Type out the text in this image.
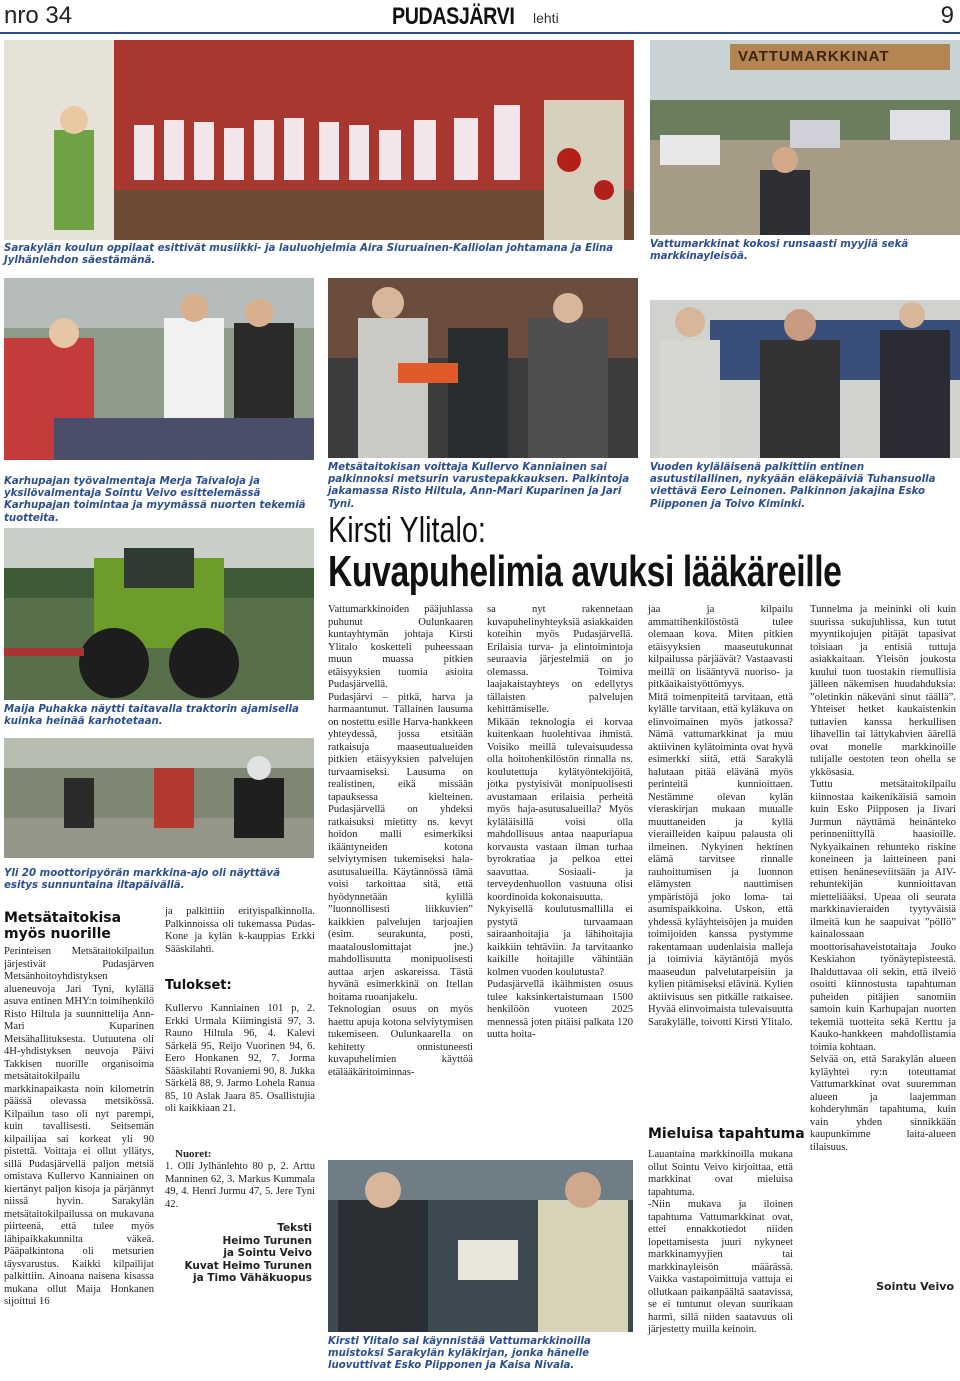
nro 34	PUDASJÄRVI lehti	9
Sarakylän koulun oppilaat esittivät musiikki- ja lauluohjelmia Aira Siuruainen-Kalliolan johtamana ja Elina Jylhänlehdon säestämänä.
VATTUMARKKINAT
Vattumarkkinat kokosi runsaasti myyjiä sekä markkinayleisöä.
Karhupajan työvalmentaja Merja Taivaloja ja yksilövalmentaja Sointu Veivo esittelemässä Karhupajan toimintaa ja myymässä nuorten tekemiä tuotteita.
Metsätaitokisan voittaja Kullervo Kanniainen sai palkinnoksi metsurin varustepakkauksen. Palkintoja jakamassa Risto Hiltula, Ann-Mari Kuparinen ja Jari Tyni.
Vuoden kyläläisenä palkittiin entinen asutustilallinen, nykyään eläkepäiviä Tuhansuolla viettävä Eero Leinonen. Palkinnon jakajina Esko Piipponen ja Toivo Kiminki.
Kirsti Ylitalo:
Kuvapuhelimia avuksi lääkäreille
Maija Puhakka näytti taitavalla traktorin ajamisella kuinka heinää karhotetaan.
Yli 20 moottoripyörän markkina-ajo oli näyttävä esitys sunnuntaina iltapäivällä.
Metsätaitokisa myös nuorille
Perinteisen Metsätaitokilpailun järjestivät Pudasjärven Metsänhoitoyhdistyksen alueneuvoja Jari Tyni, kylällä asuva entinen MHY:n toimihenkilö Risto Hiltula ja suunnittelija Ann-Mari Kuparinen Metsähallituksesta. Uutuutena oli 4H-yhdistyksen neuvoja Päivi Takkisen nuorille organisoima metsätaitokilpailu markkinapaikasta noin kilometrin päässä olevassa metsikössä. Kilpailun taso oli nyt parempi, kuin tavallisesti. Seitsemän kilpailijaa sai korkeat yli 90 pistettä. Voittaja ei ollut yllätys, sillä Pudasjärvellä paljon metsiä omistava Kullervo Kanniainen on kiertänyt paljon kisoja ja pärjännyt niissä hyvin. Sarakylän metsätaitokilpailussa on mukavana piirteenä, että tulee myös lähipaikkakunnilta väkeä. Pääpalkintona oli metsurien täysvarustus. Kaikki kilpailijat palkittiin. Ainoana naisena kisassa mukana ollut Maija Honkanen sijoittui 16
ja palkittiin erityispalkinnolla. Palkinnoissa oli tukemassa Pudas-Kone ja kylän k-kauppias Erkki Sääskilahti.
Tulokset:
Kullervo Kanniainen 101 p, 2. Erkki Urmala Kiimingistä 97, 3. Rauno Hiltula 96, 4. Kalevi Särkelä 95, Reijo Vuorinen 94, 6. Eero Honkanen 92, 7. Jorma Sääskilahti Rovaniemi 90, 8. Jukka Särkelä 88, 9. Jarmo Lohela Ranua 85, 10 Aslak Jaara 85. Osallistujia oli kaikkiaan 21.
Nuoret:
1. Olli Jylhänlehto 80 p, 2. Arttu Manninen 62, 3. Markus Kummala 49, 4. Henri Jurmu 47, 5. Jere Tyni 42.
Teksti
Heimo Turunen
ja Sointu Veivo
Kuvat Heimo Turunen
ja Timo Vähäkuopus
Vattumarkkinoiden pääjuhlassa puhunut Oulunkaaren kuntayhtymän johtaja Kirsti Ylitalo kosketteli puheessaan muun muassa pitkien etäisyyksien tuomia asioita Pudasjärvellä.
Pudasjärvi – pitkä, harva ja harmaantunut. Tällainen lausuma on nostettu esille Harva-hankkeen yhteydessä, jossa etsitään ratkaisuja maaseutualueiden pitkien etäisyyksien palvelujen turvaamiseksi. Lausuma on realistinen, eikä missään tapauksessa kielteinen. Pudasjärvellä on yhdeksi ratkaisuksi mietitty ns. kevyt hoidon malli esimerkiksi ikääntyneiden kotona selviytymisen tukemiseksi hala-asutusalueilla. Käytännössä tämä voisi tarkoittaa sitä, että hyödynnetään kylillä ”luonnollisesti liikkuvien” kaikkien palvelujen tarjoajien (esim. seurakunta, posti, maatalouslomittajat jne.) mahdollisuutta monipuolisesti auttaa arjen askareissa. Tästä hyvänä esimerkkinä on Itellan hoitama ruoanjakelu.
Teknologian osuus on myös haettu apuja kotona selviytymisen tukemiseen. Oulunkaarella on kehitetty onnistuneesti kuvapuhelimien käyttöä etälääkäritoiminnas-
sa nyt rakennetaan kuvapuhelinyhteyksiä asiakkaiden koteihin myös Pudasjärvellä. Erilaisia turva- ja elintoimintoja seuraavia järjestelmiä on jo olemassa. Toimiva laajakaistayhteys on edellytys tällaisten palvelujen kehittämiselle.
Mikään teknologia ei korvaa kuitenkaan huolehtivaa ihmistä. Voisiko meillä tulevaisuudessa olla hoitohenkilöstön rinnalla ns. koulutettuja kylätyöntekijöitä, jotka pystyisivät monipuolisesti avustamaan erilaisia perheitä myös haja-asutusalueilla? Myös kyläläisillä voisi olla mahdollisuus antaa naapuriapua korvausta vastaan ilman turhaa byrokratiaa ja pelkoa ettei saavuttaa. Sosiaali- ja terveydenhuollon vastuuna olisi koordinoida kokonaisuutta.
Nykyisellä koulutusmallilla ei pystytä turvaamaan sairaanhoitajia ja lähihoitajia kaikkiin tehtäviin. Ja tarvitaanko kaikille hoitajille vähintään kolmen vuoden koulutusta?
Pudasjärvellä ikäihmisten osuus tulee kaksinkertaistumaan 1500 henkilöön vuoteen 2025 mennessä joten pitäisi palkata 120 uutta hoita-
jaa ja kilpailu ammattihenkilöstöstä tulee olemaan kova. Miten pitkien etäisyyksien maaseutukunnat kilpailussa pärjäävät? Vastaavasti meillä on lisääntyvä nuoriso- ja pitkäaikaistyöttömyys.
Mitä toimenpiteitä tarvitaan, että kylälle tarvitaan, että kyläkuva on elinvoimainen myös jatkossa? Nämä vattumarkkinat ja muu aktiivinen kylätoiminta ovat hyvä esimerkki siitä, että Sarakylä halutaan pitää elävänä myös perinteitä kunnioittaen. Nestämme olevan kylän vieraskirjan mukaan muualle muuttaneiden ja kyllä vierailleiden kaipuu palausta oli ilmeinen. Nykyinen hektinen elämä tarvitsee rinnalle rauhoittumisen ja luonnon elämysten nauttimisen ympäristöjä joko loma- tai asumispaikkoina. Uskon, että yhdessä kyläyhteisöjen ja muiden toimijoiden kanssa pystymme rakentamaan uudenlaisia malleja ja toimivia käytäntöjä myös maaseudun palvelutarpeisiin ja kylien pitämiseksi elävinä. Kylien aktiivisuus sen pitkälle ratkaisee. Hyvää elinvoimaista tulevaisuutta Sarakylälle, toivotti Kirsti Ylitalo.
Mieluisa tapahtuma
Lauantaina markkinoilla mukana ollut Sointu Veivo kirjoittaa, että markkinat ovat mieluisa tapahtuma.
-Niin mukava ja iloinen tapahtuma Vattumarkkinat ovat, ettei ennakkotiedot niiden lopettamisesta juuri nykyneet markkinamyyjien tai markkinayleisön määrässä. Vaikka vastapoimittuja vattuja ei ollutkaan paikanpäältä saatavissa, se ei tuntunut olevan suurikaan harmi, sillä niiden saatavuus oli järjestetty muilla keinoin.
Tunnelma ja meininki oli kuin suurissa sukujuhlissa, kun tutut myyntikojujen pitäjät tapasivat toisiaan ja entisiä tuttuja asiakkaitaan. Yleisön joukosta kuului tuon tuostakin riemullisia jälleen näkemisen huudahduksia: ”oletinkin näkeväni sinut täällä”. Yhteiset hetket kaukaistenkin tuttavien kanssa herkullisen lihavellin tai lättykahvien äärellä ovat monelle markkinoille tulijalle oestoten teon ohella se ykkösasia.
Tuttu metsätaitokilpailu kiinnostaa kaikenikäisiä samoin kuin Esko Piipposen ja Iivari Jurmun näyttämä heinänteko perinneniittyllä haasioille. Nykyaikainen rehunteko riskine koneineen ja laitteineen pani ettisen henäneseviitsään ja AIV-rehuntekijän kunnioittavan mietteliääksi. Upeaa oli seurata markkinavieraiden tyytyväisiä ilmeitä kun he saapuivat ”pöllö” kainalossaan moottorisahaveistotaitaja Jouko Keskiahon työnäytepisteestä. Ihalduttavaa oli sekin, että ilveiö osoitti kiinnostusta tapahtuman puheiden pitäjien sanomiin samoin kuin Karhupajan nuorten tekemiä tuotteita sekä Kerttu ja Kauko-hankkeen mahdollistamia toimia kohtaan.
Selvää on, että Sarakylän alueen kyläyhtei ry:n toteuttamat Vattumarkkinat ovat suuremman alueen ja laajemman kohderyhmän tapahtuma, kuin vain yhden sinnikkään kaupunkimme laita-alueen tilaisuus.
Sointu Veivo
Kirsti Ylitalo sai käynnistää Vattumarkkinoilla muistoksi Sarakylän kyläkirjan, jonka hänelle luovuttivat Esko Piipponen ja Kaisa Nivala.
